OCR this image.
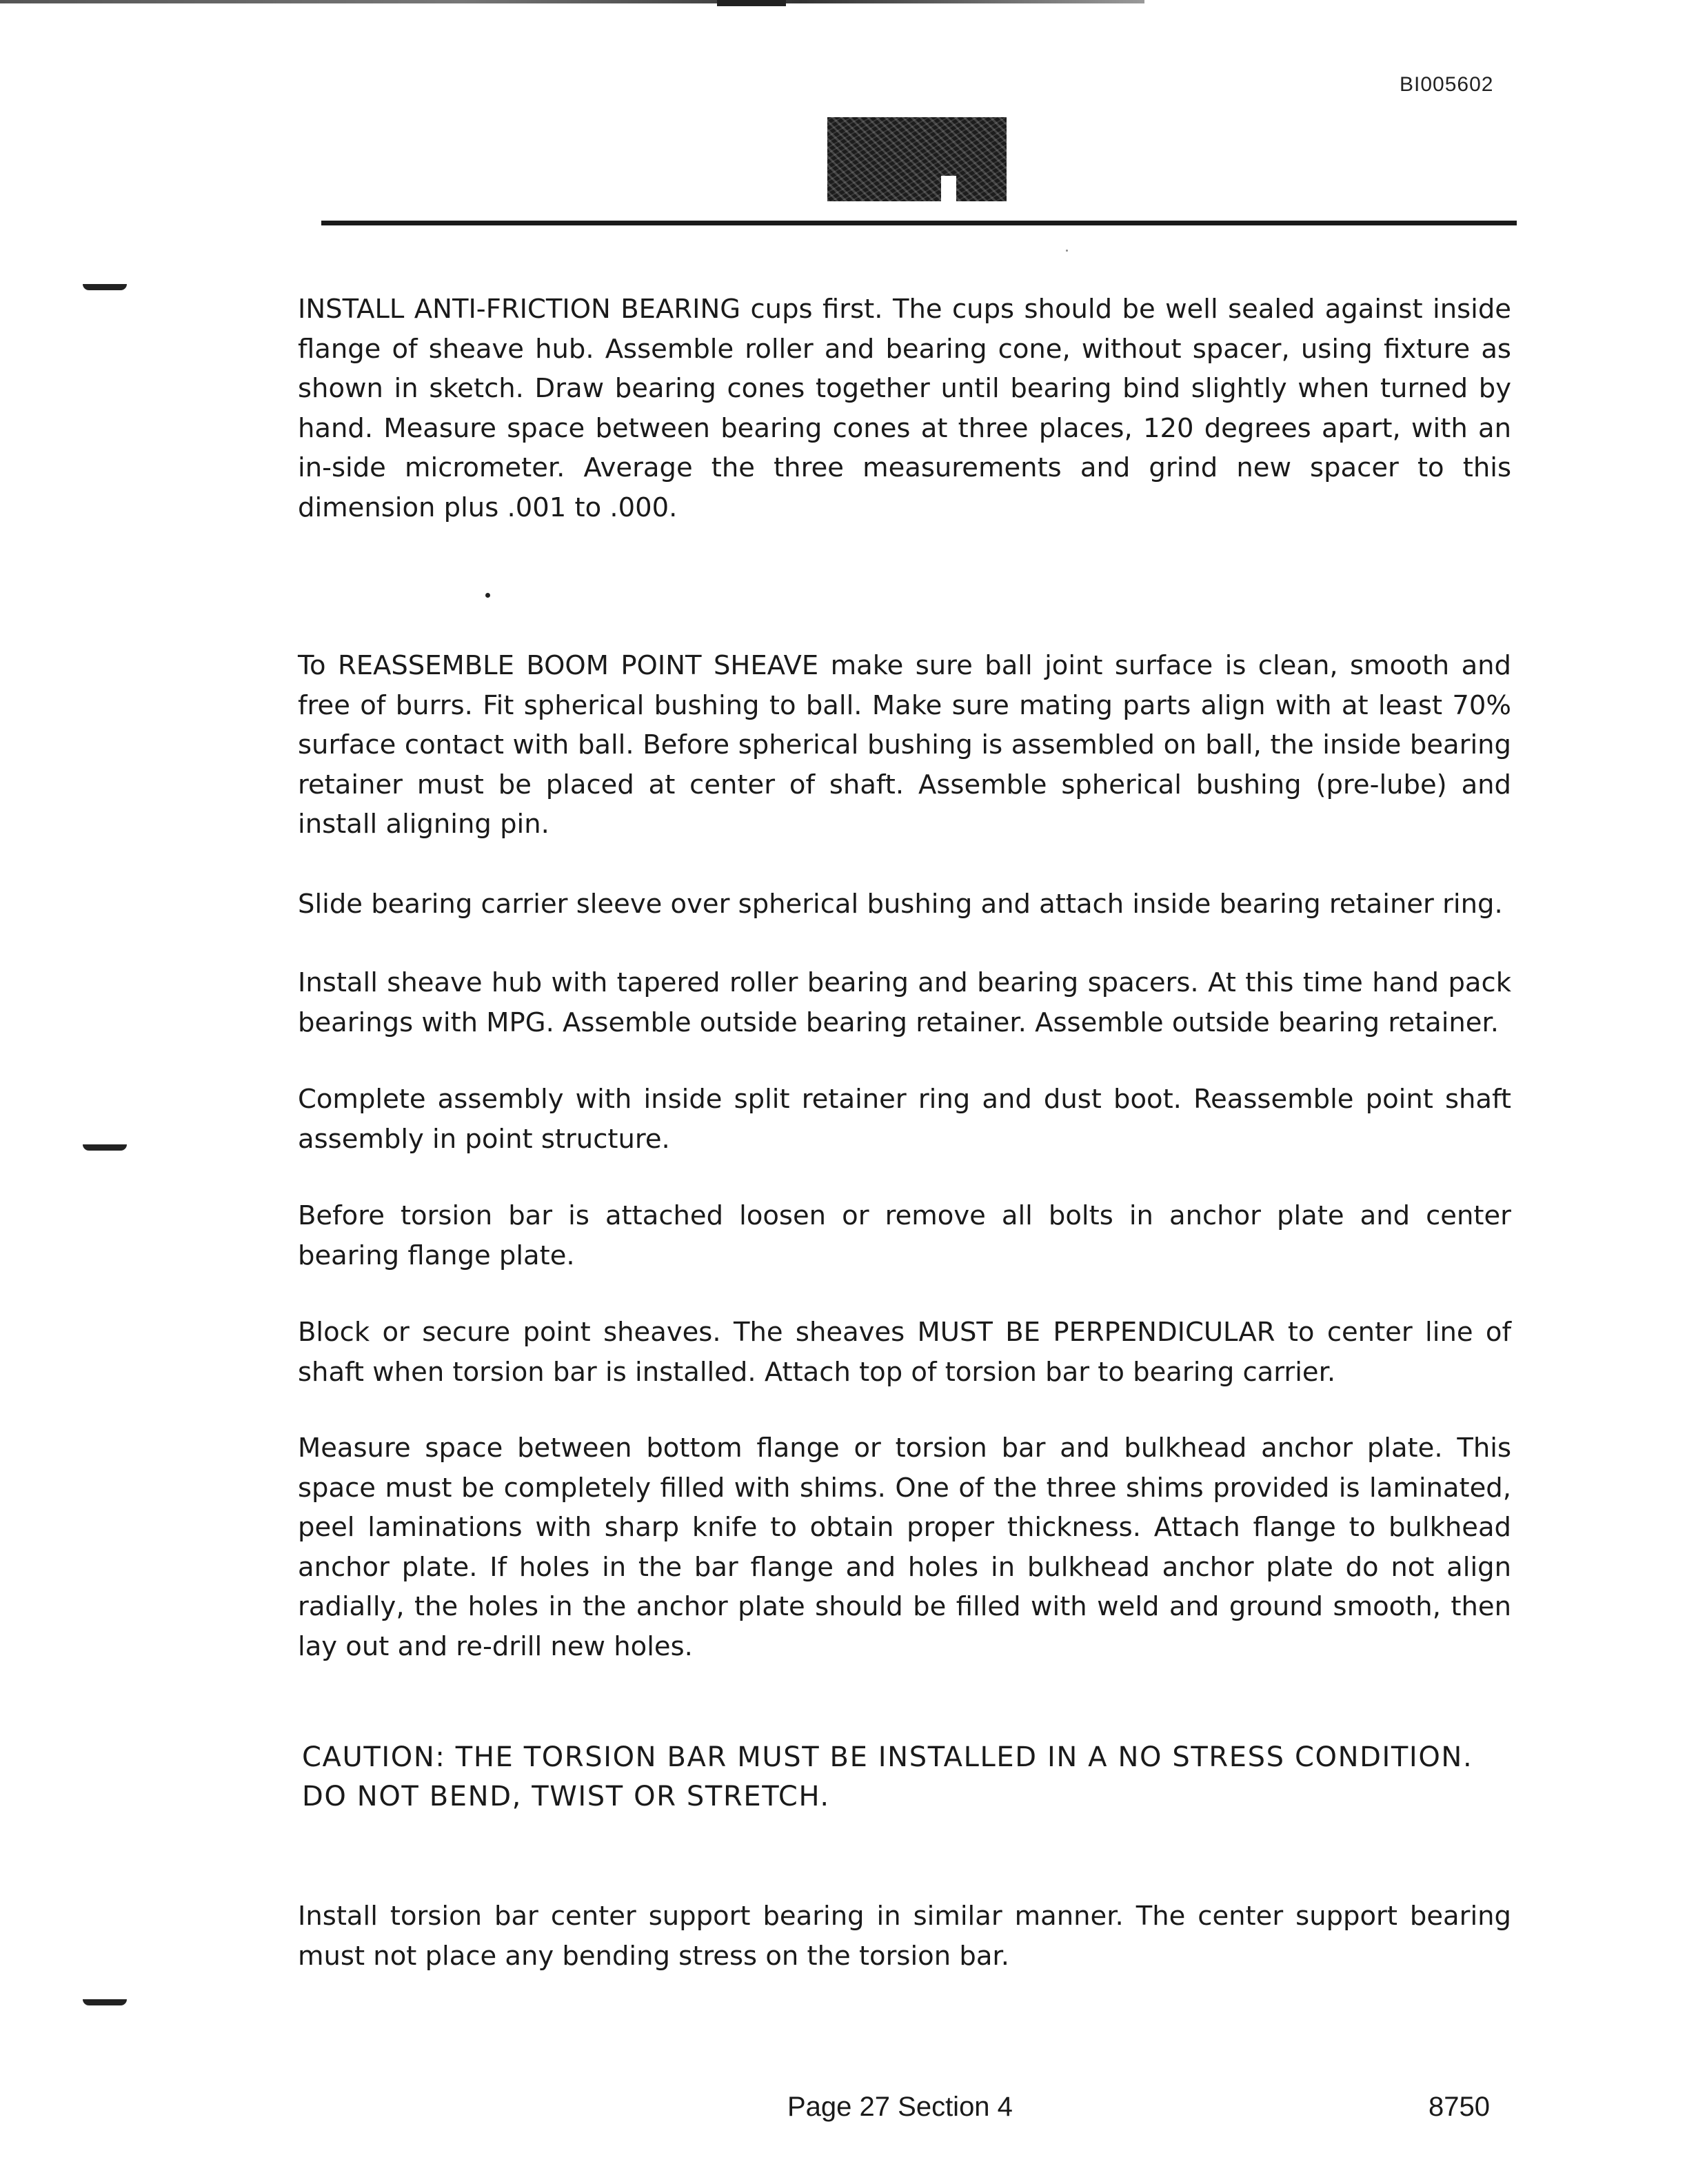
BI005602

INSTALL ANTI-FRICTION BEARING cups first. The cups should be well sealed against inside flange of sheave hub. Assemble roller and bearing cone, without spacer, using fixture as shown in sketch. Draw bearing cones together until bearing bind slightly when turned by hand. Measure space between bearing cones at three places, 120 degrees apart, with an in-side micrometer. Average the three measurements and grind new spacer to this dimension plus .001 to .000.

To REASSEMBLE BOOM POINT SHEAVE make sure ball joint surface is clean, smooth and free of burrs. Fit spherical bushing to ball. Make sure mating parts align with at least 70% surface contact with ball. Before spherical bushing is assembled on ball, the inside bearing retainer must be placed at center of shaft. Assemble spherical bushing (pre-lube) and install aligning pin.

Slide bearing carrier sleeve over spherical bushing and attach inside bearing retainer ring.

Install sheave hub with tapered roller bearing and bearing spacers. At this time hand pack bearings with MPG. Assemble outside bearing retainer. Assemble outside bearing retainer.

Complete assembly with inside split retainer ring and dust boot. Reassemble point shaft assembly in point structure.

Before torsion bar is attached loosen or remove all bolts in anchor plate and center bearing flange plate.

Block or secure point sheaves. The sheaves MUST BE PERPENDICULAR to center line of shaft when torsion bar is installed. Attach top of torsion bar to bearing carrier.

Measure space between bottom flange or torsion bar and bulkhead anchor plate. This space must be completely filled with shims. One of the three shims provided is laminated, peel laminations with sharp knife to obtain proper thickness. Attach flange to bulkhead anchor plate. If holes in the bar flange and holes in bulkhead anchor plate do not align radially, the holes in the anchor plate should be filled with weld and ground smooth, then lay out and re-drill new holes.

CAUTION: THE TORSION BAR MUST BE INSTALLED IN A NO STRESS CONDITION. DO NOT BEND, TWIST OR STRETCH.

Install torsion bar center support bearing in similar manner. The center support bearing must not place any bending stress on the torsion bar.

Page 27 Section 4	8750
